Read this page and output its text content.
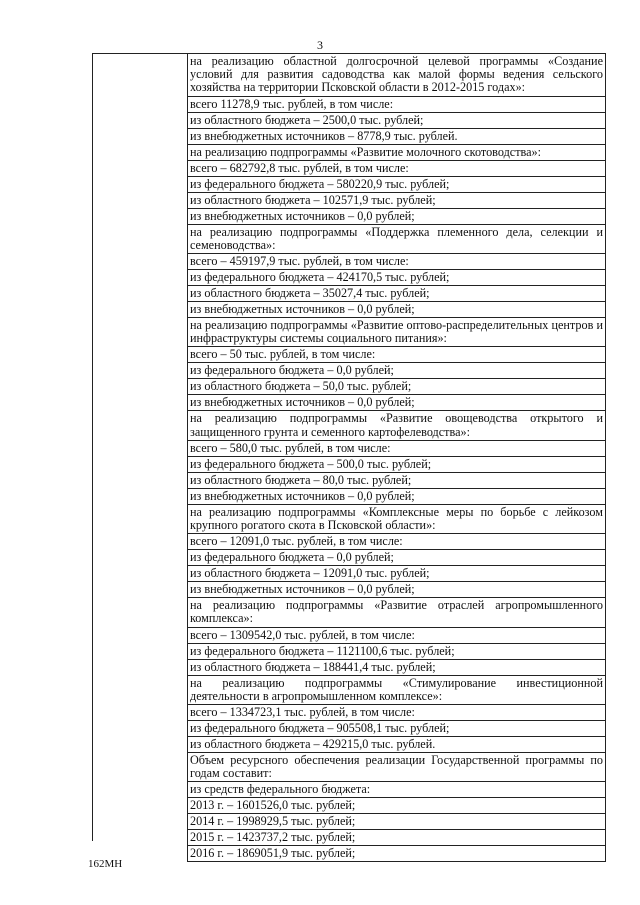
3
на реализацию областной долгосрочной целевой программы «Создание условий для развития садоводства как малой формы ведения сельского хозяйства на территории Псковской области в 2012-2015 годах»:
всего 11278,9 тыс. рублей, в том числе:
из областного бюджета – 2500,0 тыс. рублей;
из внебюджетных источников – 8778,9 тыс. рублей.
на реализацию подпрограммы «Развитие молочного скотоводства»:
всего – 682792,8 тыс. рублей, в том числе:
из федерального бюджета – 580220,9 тыс. рублей;
из областного бюджета – 102571,9 тыс. рублей;
из внебюджетных источников – 0,0 рублей;
на реализацию подпрограммы «Поддержка племенного дела, селекции и семеноводства»:
всего – 459197,9 тыс. рублей, в том числе:
из федерального бюджета – 424170,5 тыс. рублей;
из областного бюджета – 35027,4 тыс. рублей;
из внебюджетных источников – 0,0 рублей;
на реализацию подпрограммы «Развитие оптово-распределительных центров и инфраструктуры системы социального питания»:
всего – 50 тыс. рублей, в том числе:
из федерального бюджета – 0,0 рублей;
из областного бюджета – 50,0 тыс. рублей;
из внебюджетных источников – 0,0 рублей;
на реализацию подпрограммы «Развитие овощеводства открытого и защищенного грунта и семенного картофелеводства»:
всего – 580,0 тыс. рублей, в том числе:
из федерального бюджета – 500,0 тыс. рублей;
из областного бюджета – 80,0 тыс. рублей;
из внебюджетных источников – 0,0 рублей;
на реализацию подпрограммы «Комплексные меры по борьбе с лейкозом крупного рогатого скота в Псковской области»:
всего – 12091,0 тыс. рублей, в том числе:
из федерального бюджета – 0,0 рублей;
из областного бюджета – 12091,0 тыс. рублей;
из внебюджетных источников – 0,0 рублей;
на реализацию подпрограммы «Развитие отраслей агропромышленного комплекса»:
всего – 1309542,0 тыс. рублей, в том числе:
из федерального бюджета – 1121100,6 тыс. рублей;
из областного бюджета – 188441,4 тыс. рублей;
на реализацию подпрограммы «Стимулирование инвестиционной деятельности в агропромышленном комплексе»:
всего – 1334723,1 тыс. рублей, в том числе:
из федерального бюджета – 905508,1 тыс. рублей;
из областного бюджета – 429215,0 тыс. рублей.
Объем ресурсного обеспечения реализации Государственной программы по годам составит:
из средств федерального бюджета:
2013 г. – 1601526,0 тыс. рублей;
2014 г. – 1998929,5 тыс. рублей;
2015 г. – 1423737,2 тыс. рублей;
2016 г. – 1869051,9 тыс. рублей;
162МН
